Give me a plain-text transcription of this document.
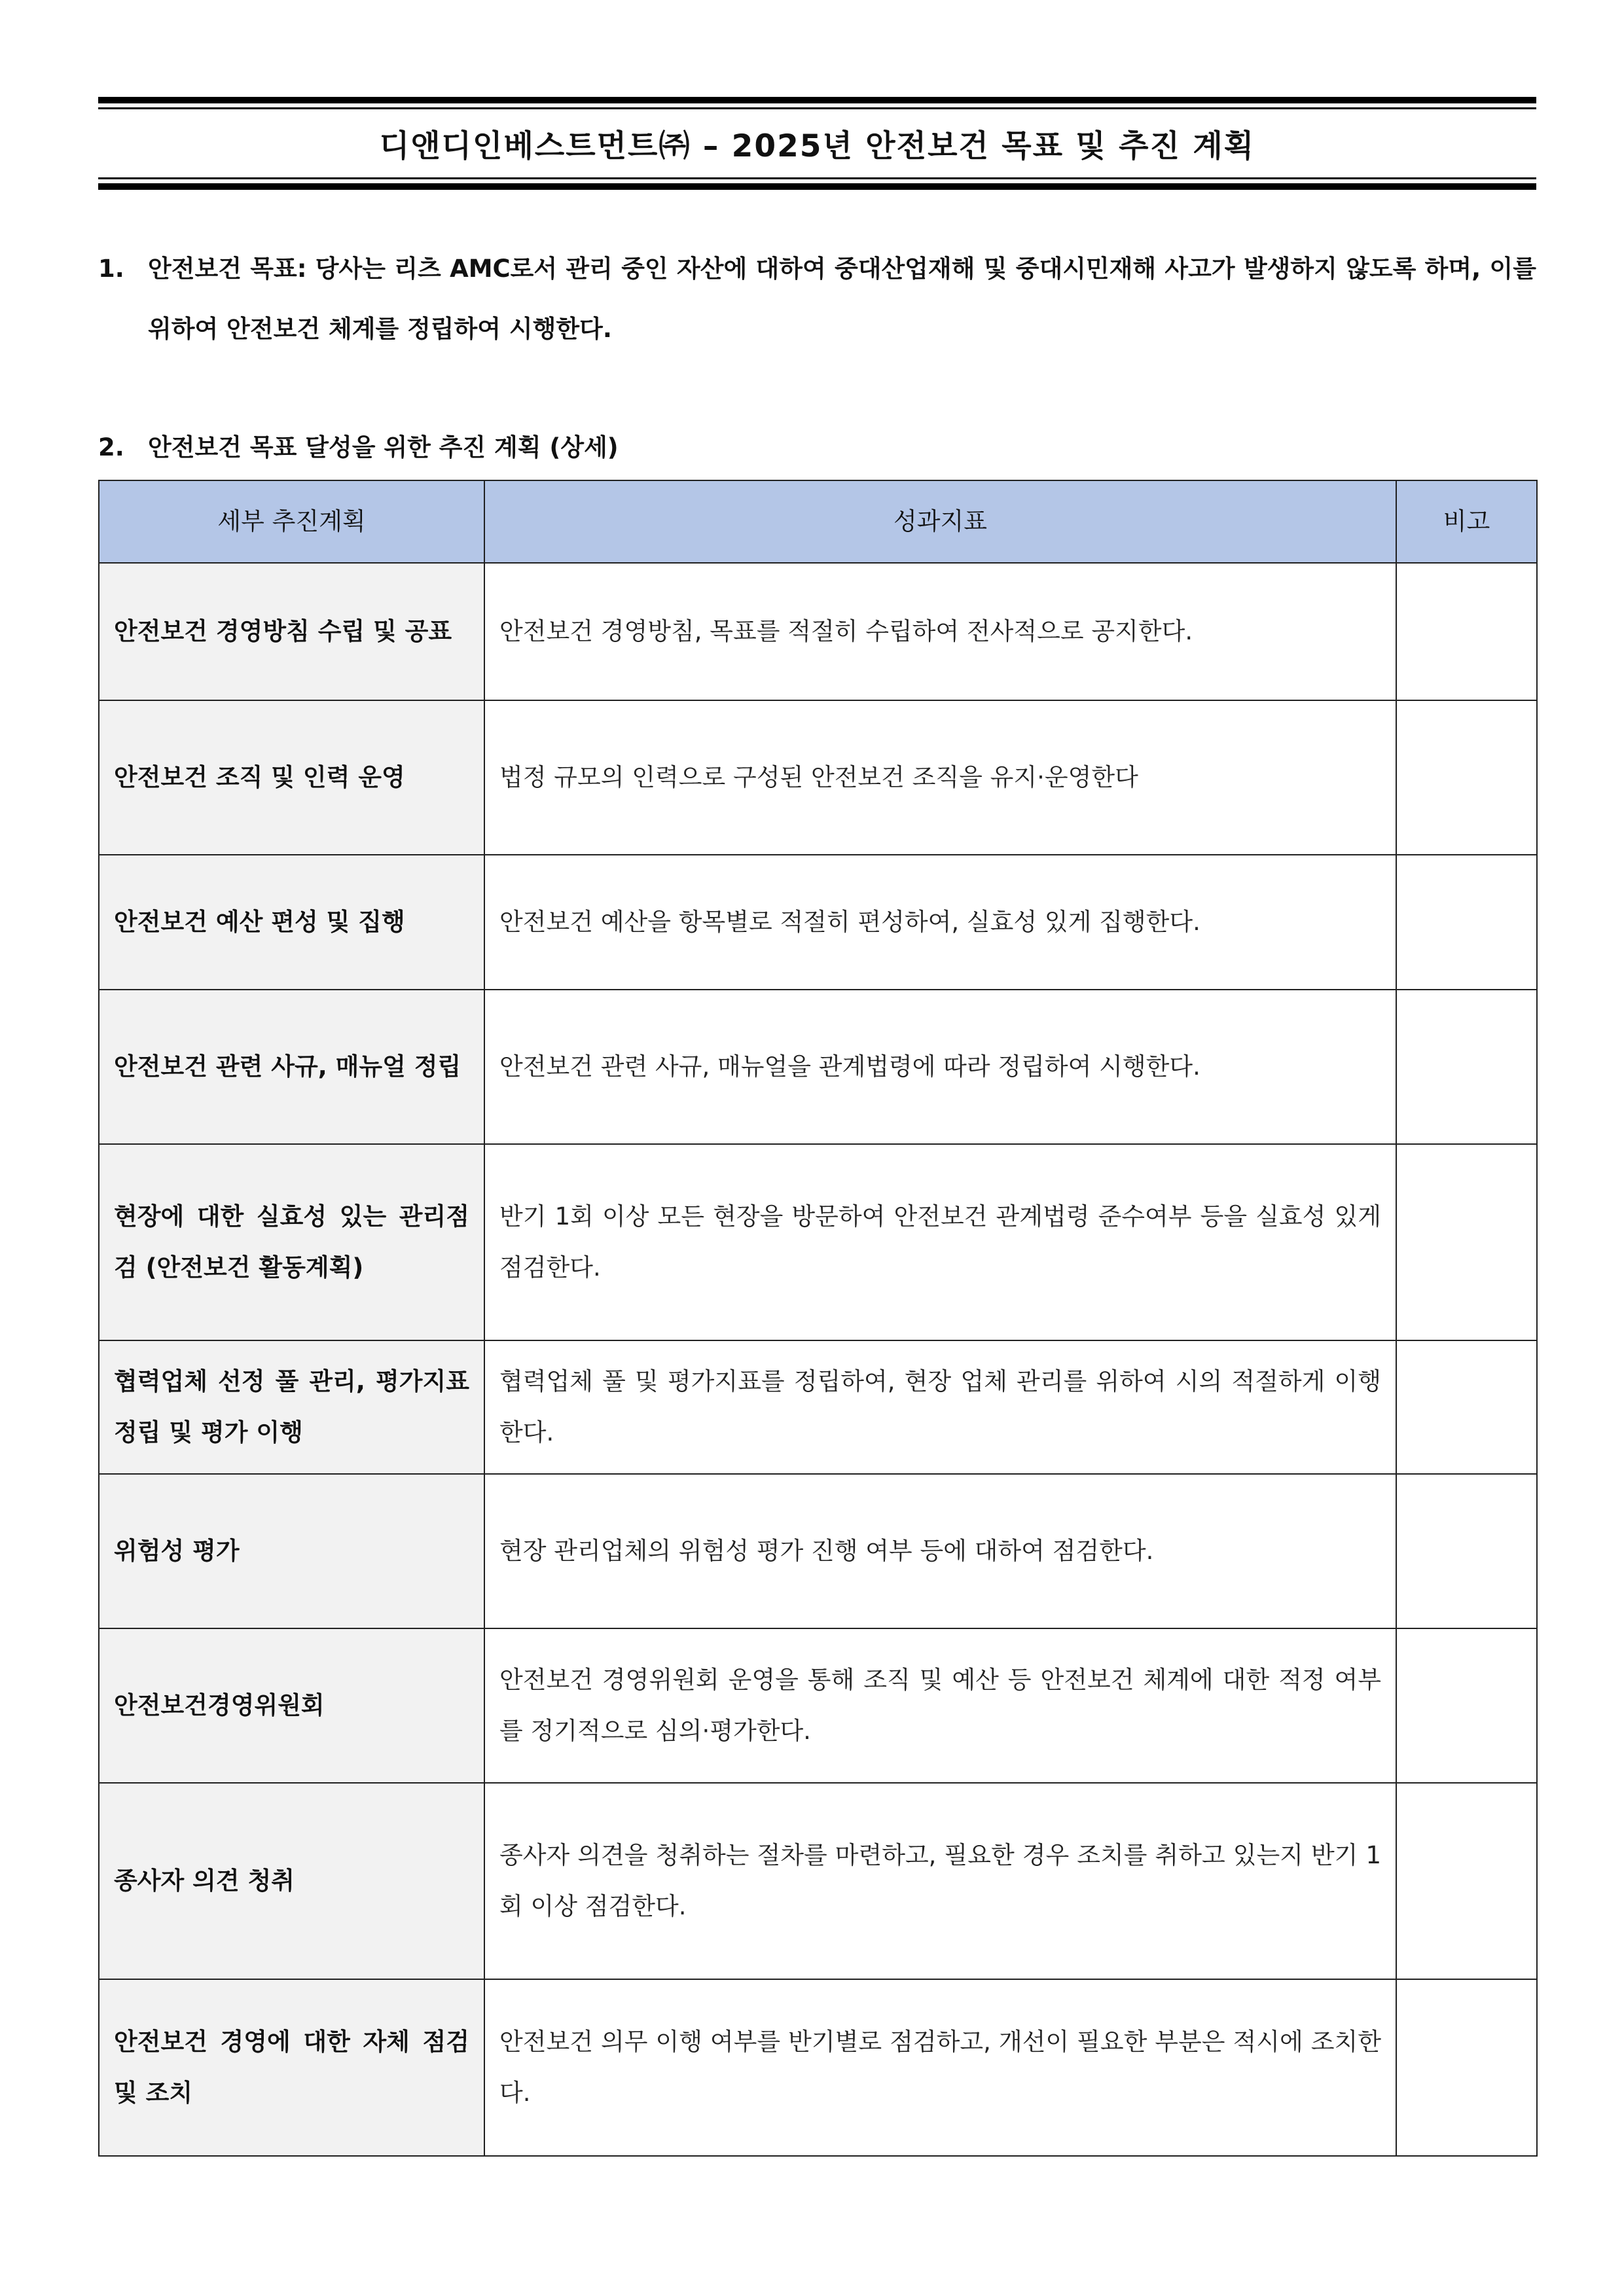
디앤디인베스트먼트㈜ – 2025년 안전보건 목표 및 추진 계획
1. 안전보건 목표: 당사는 리츠 AMC로서 관리 중인 자산에 대하여 중대산업재해 및 중대시민재해 사고가 발생하지 않도록 하며, 이를 위하여 안전보건 체계를 정립하여 시행한다.
2. 안전보건 목표 달성을 위한 추진 계획 (상세)
세부 추진계획	성과지표	비고
안전보건 경영방침 수립 및 공표	안전보건 경영방침, 목표를 적절히 수립하여 전사적으로 공지한다.	
안전보건 조직 및 인력 운영	법정 규모의 인력으로 구성된 안전보건 조직을 유지·운영한다	
안전보건 예산 편성 및 집행	안전보건 예산을 항목별로 적절히 편성하여, 실효성 있게 집행한다.	
안전보건 관련 사규, 매뉴얼 정립	안전보건 관련 사규, 매뉴얼을 관계법령에 따라 정립하여 시행한다.	
현장에 대한 실효성 있는 관리점검 (안전보건 활동계획)	반기 1회 이상 모든 현장을 방문하여 안전보건 관계법령 준수여부 등을 실효성 있게 점검한다.	
협력업체 선정 풀 관리, 평가지표 정립 및 평가 이행	협력업체 풀 및 평가지표를 정립하여, 현장 업체 관리를 위하여 시의 적절하게 이행한다.	
위험성 평가	현장 관리업체의 위험성 평가 진행 여부 등에 대하여 점검한다.	
안전보건경영위원회	안전보건 경영위원회 운영을 통해 조직 및 예산 등 안전보건 체계에 대한 적정 여부를 정기적으로 심의·평가한다.	
종사자 의견 청취	종사자 의견을 청취하는 절차를 마련하고, 필요한 경우 조치를 취하고 있는지 반기 1회 이상 점검한다.	
안전보건 경영에 대한 자체 점검 및 조치	안전보건 의무 이행 여부를 반기별로 점검하고, 개선이 필요한 부분은 적시에 조치한다.	
